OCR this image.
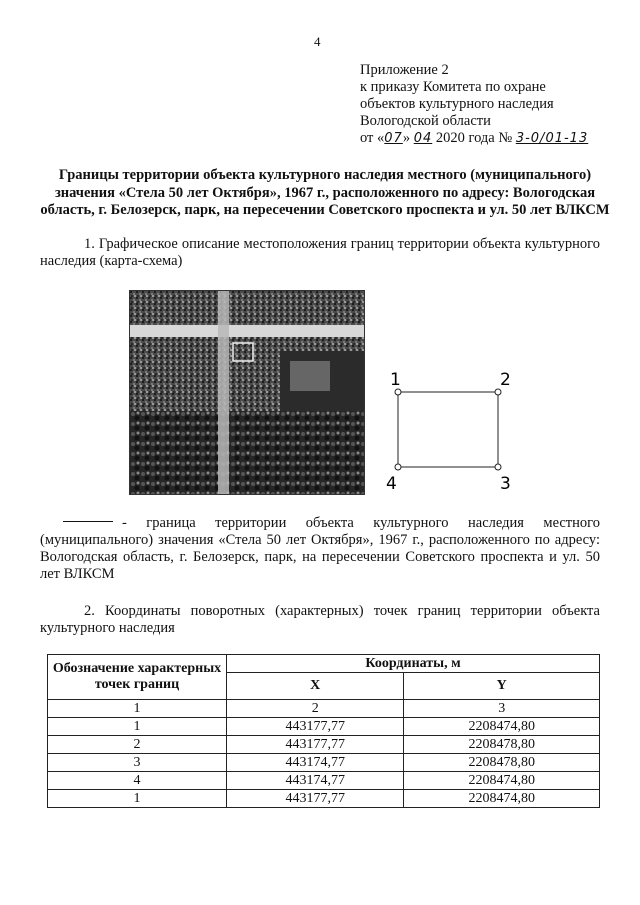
4
Приложение 2
к приказу Комитета по охране
объектов культурного наследия
Вологодской области
от «07» 04 2020 года № 3-0/01-13
Границы территории объекта культурного наследия местного (муниципального) значения «Стела 50 лет Октября», 1967 г., расположенного по адресу: Вологодская область, г. Белозерск, парк, на пересечении Советского проспекта и ул. 50 лет ВЛКСМ
1. Графическое описание местоположения границ территории объекта культурного наследия (карта-схема)
1	2
3
4
- граница территории объекта культурного наследия местного (муниципального) значения «Стела 50 лет Октября», 1967 г., расположенного по адресу: Вологодская область, г. Белозерск, парк, на пересечении Советского проспекта и ул. 50 лет ВЛКСМ
2. Координаты поворотных (характерных) точек границ территории объекта культурного наследия
Обозначение характерных точек границ	Координаты, м	
	X	Y
1	2	3
1	443177,77	2208474,80
2	443177,77	2208478,80
3	443174,77	2208478,80
4	443174,77	2208474,80
1	443177,77	2208474,80
